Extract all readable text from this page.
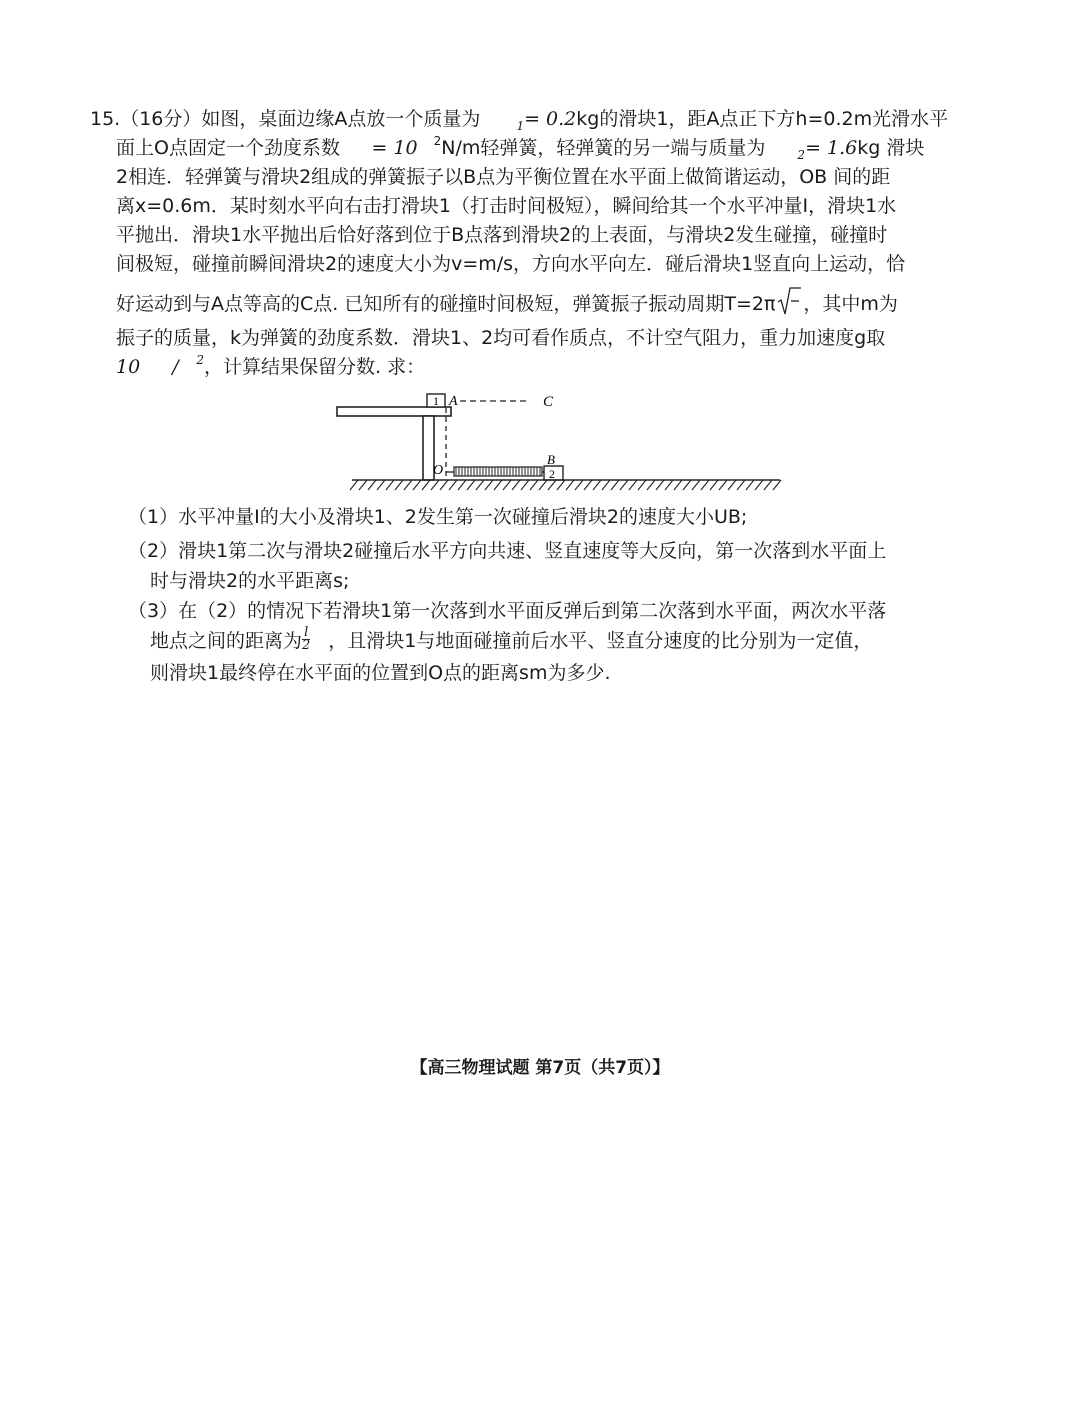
15.（16分）如图，桌面边缘A点放一个质量为 $m_1= 0.2kg$的滑块1，距A点正下方h=0.2m光滑水平
面上O点固定一个劲度系数 k= 10 $^2$N/m轻弹簧，轻弹簧的另一端与质量为 $m_2= 1.6kg$ 滑块
2相连．轻弹簧与滑块2组成的弹簧振子以B点为平衡位置在水平面上做简谐运动，OB 间的距
离x=0.6m．某时刻水平向右击打滑块1（打击时间极短），瞬间给其一个水平冲量I，滑块1水
平抛出．滑块1水平抛出后恰好落到位于B点落到滑块2的上表面，与滑块2发生碰撞，碰撞时
间极短，碰撞前瞬间滑块2的速度大小为v=m/s，方向水平向左．碰后滑块1竖直向上运动，恰
好运动到与A点等高的C点. 已知所有的碰撞时间极短，弹簧振子振动周期T=2π ，其中m为
振子的质量，k为弹簧的劲度系数．滑块1、2均可看作质点，不计空气阻力，重力加速度g取
10 m / $s^2$，计算结果保留分数. 求：
1 A	C
O	2
B
（1）水平冲量I的大小及滑块1、2发生第一次碰撞后滑块2的速度大小UB;
（2）滑块1第二次与滑块2碰撞后水平方向共速、竖直速度等大反向，第一次落到水平面上
时与滑块2的水平距离s;
（3）在（2）的情况下若滑块1第一次落到水平面反弹后到第二次落到水平面，两次水平落
地点之间的距离为 $\frac{l}{2}$ ，且滑块1与地面碰撞前后水平、竖直分速度的比分别为一定值，
则滑块1最终停在水平面的位置到O点的距离sm为多少.
【高三物理试题 第7页（共7页）】
